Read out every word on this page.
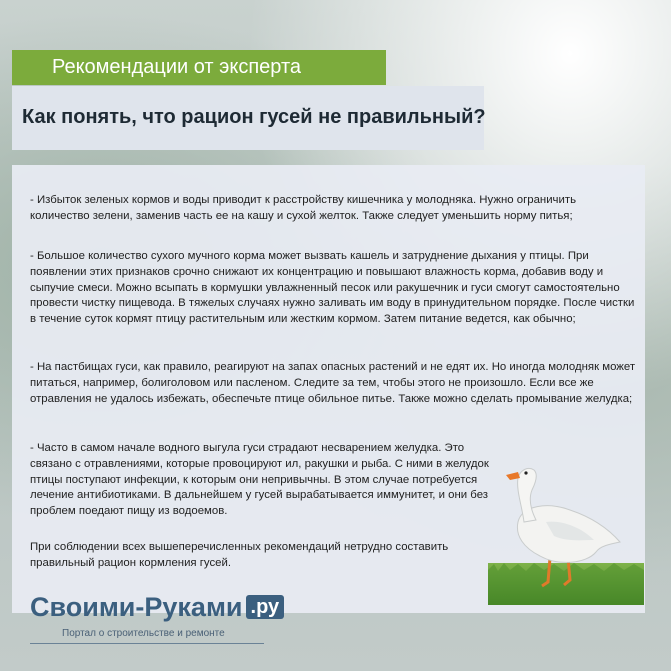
Рекомендации от эксперта
Как понять, что рацион гусей не правильный?

- Избыток зеленых кормов и воды приводит к расстройству кишечника у молодняка. Нужно ограничить количество зелени, заменив часть ее на кашу и сухой желток. Также следует уменьшить норму питья;

- Большое количество сухого мучного корма может вызвать кашель и затруднение дыхания у птицы. При появлении этих признаков срочно снижают их концентрацию и повышают влажность корма, добавив воду и сыпучие смеси. Можно всыпать в кормушки увлажненный песок или ракушечник и гуси смогут самостоятельно провести чистку пищевода. В тяжелых случаях нужно заливать им воду в принудительном порядке. После чистки в течение суток кормят птицу растительным или жестким кормом. Затем питание ведется, как обычно;

- На пастбищах гуси, как правило, реагируют на запах опасных растений и не едят их. Но иногда молодняк может питаться, например, болиголовом или пасленом. Следите за тем, чтобы этого не произошло. Если все же отравления не удалось избежать, обеспечьте птице обильное питье. Также можно сделать промывание желудка;

- Часто в самом начале водного выгула гуси страдают несварением желудка. Это связано с отравлениями, которые провоцируют ил, ракушки и рыба. С ними в желудок птицы поступают инфекции, к которым они непривычны. В этом случае потребуется лечение антибиотиками. В дальнейшем у гусей вырабатывается иммунитет, и они без проблем поедают пищу из водоемов.

При соблюдении всех вышеперечисленных рекомендаций нетрудно составить правильный рацион кормления гусей.

Своими-Руками .ру
Портал о строительстве и ремонте
